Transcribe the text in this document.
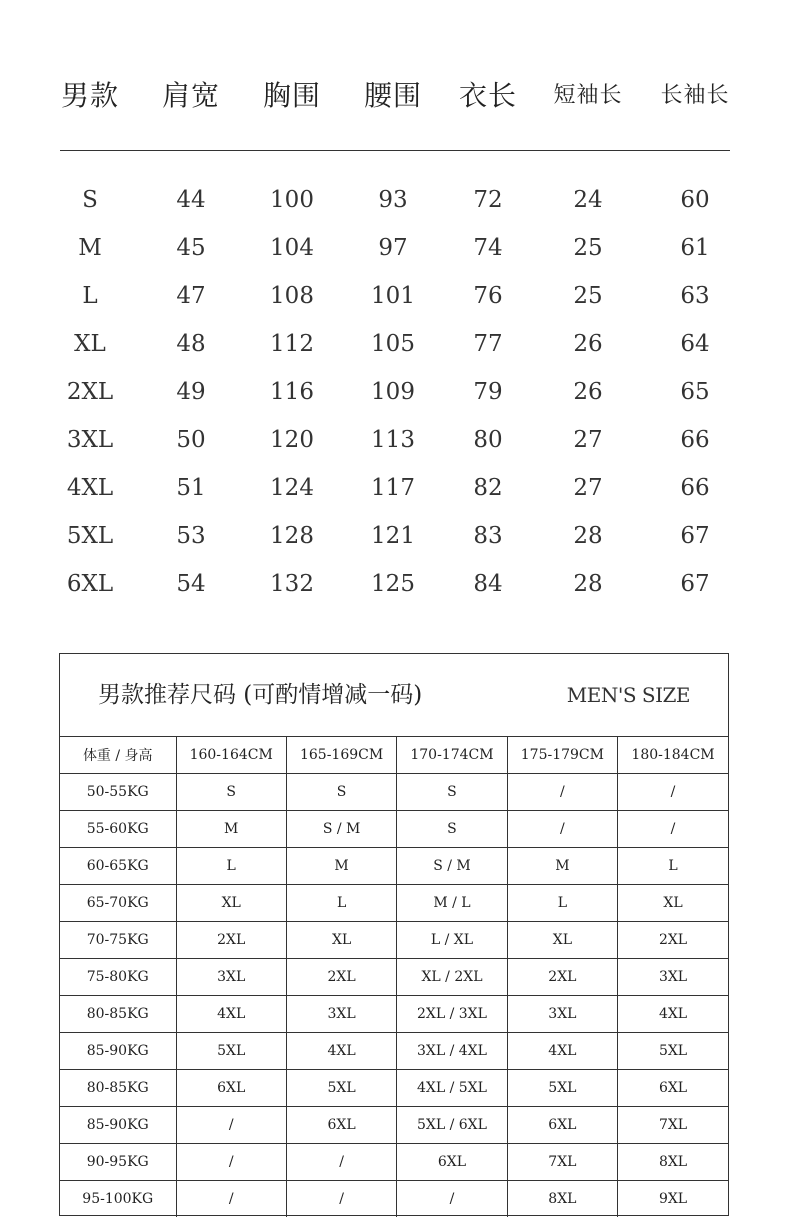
男款	肩宽	胸围	腰围	衣长	短袖长	长袖长
S	44	100	93	72	24	60
M	45	104	97	74	25	61
L	47	108	101	76	25	63
XL	48	112	105	77	26	64
2XL	49	116	109	79	26	65
3XL	50	120	113	80	27	66
4XL	51	124	117	82	27	66
5XL	53	128	121	83	28	67
6XL	54	132	125	84	28	67
男款推荐尺码 (可酌情增减一码)	MEN'S SIZE
体重 / 身高	160-164CM	165-169CM	170-174CM	175-179CM	180-184CM
50-55KG	S	S	S	/	/
55-60KG	M	S / M	S	/	/
60-65KG	L	M	S / M	M	L
65-70KG	XL	L	M / L	L	XL
70-75KG	2XL	XL	L / XL	XL	2XL
75-80KG	3XL	2XL	XL / 2XL	2XL	3XL
80-85KG	4XL	3XL	2XL / 3XL	3XL	4XL
85-90KG	5XL	4XL	3XL / 4XL	4XL	5XL
80-85KG	6XL	5XL	4XL / 5XL	5XL	6XL
85-90KG	/	6XL	5XL / 6XL	6XL	7XL
90-95KG	/	/	6XL	7XL	8XL
95-100KG	/	/	/	8XL	9XL
